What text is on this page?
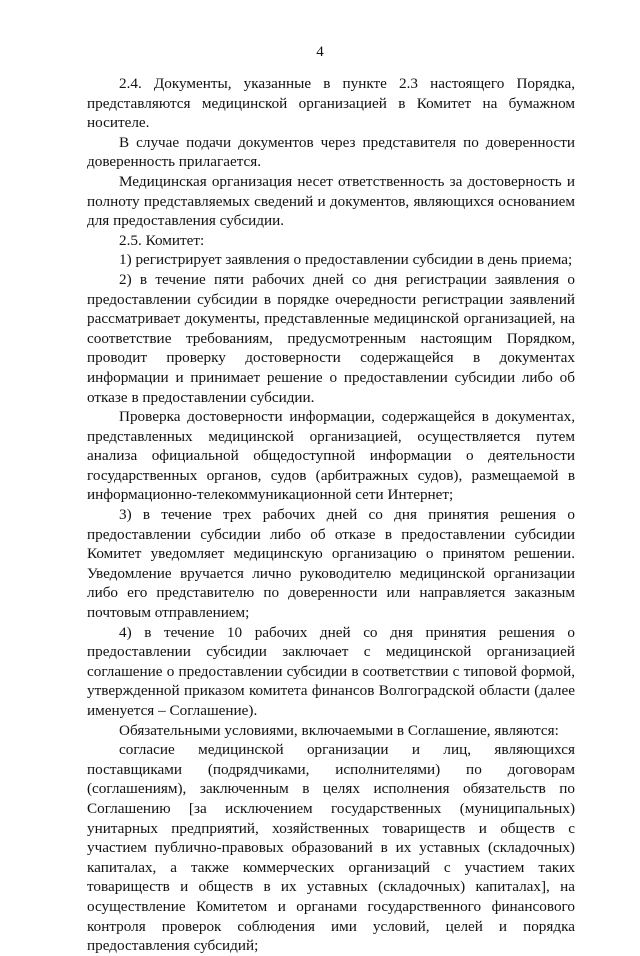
4

2.4. Документы, указанные в пункте 2.3 настоящего Порядка, представляются медицинской организацией в Комитет на бумажном носителе.

В случае подачи документов через представителя по доверенности доверенность прилагается.

Медицинская организация несет ответственность за достоверность и полноту представляемых сведений и документов, являющихся основанием для предоставления субсидии.

2.5. Комитет:

1) регистрирует заявления о предоставлении субсидии в день приема;

2) в течение пяти рабочих дней со дня регистрации заявления о предоставлении субсидии в порядке очередности регистрации заявлений рассматривает документы, представленные медицинской организацией, на соответствие требованиям, предусмотренным настоящим Порядком, проводит проверку достоверности содержащейся в документах информации и принимает решение о предоставлении субсидии либо об отказе в предоставлении субсидии.

Проверка достоверности информации, содержащейся в документах, представленных медицинской организацией, осуществляется путем анализа официальной общедоступной информации о деятельности государственных органов, судов (арбитражных судов), размещаемой в информационно-телекоммуникационной сети Интернет;

3) в течение трех рабочих дней со дня принятия решения о предоставлении субсидии либо об отказе в предоставлении субсидии Комитет уведомляет медицинскую организацию о принятом решении. Уведомление вручается лично руководителю медицинской организации либо его представителю по доверенности или направляется заказным почтовым отправлением;

4) в течение 10 рабочих дней со дня принятия решения о предоставлении субсидии заключает с медицинской организацией соглашение о предоставлении субсидии в соответствии с типовой формой, утвержденной приказом комитета финансов Волгоградской области (далее именуется – Соглашение).

Обязательными условиями, включаемыми в Соглашение, являются:

согласие медицинской организации и лиц, являющихся поставщиками (подрядчиками, исполнителями) по договорам (соглашениям), заключенным в целях исполнения обязательств по Соглашению [за исключением государственных (муниципальных) унитарных предприятий, хозяйственных товариществ и обществ с участием публично-правовых образований в их уставных (складочных) капиталах, а также коммерческих организаций с участием таких товариществ и обществ в их уставных (складочных) капиталах], на осуществление Комитетом и органами государственного финансового контроля проверок соблюдения ими условий, целей и порядка предоставления субсидий;
